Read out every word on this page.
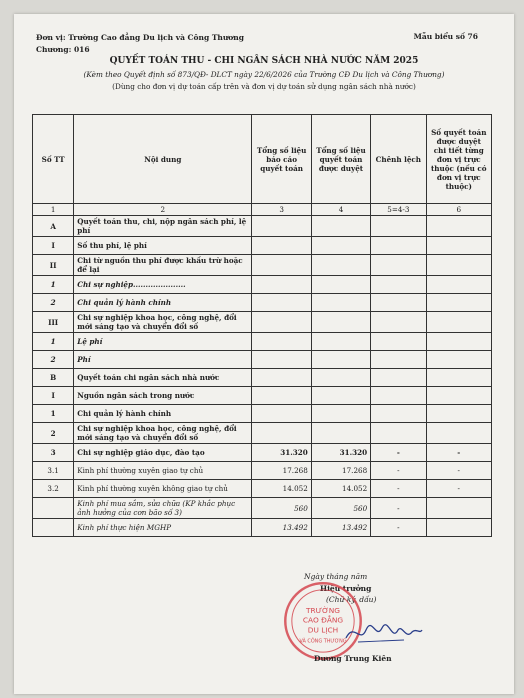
Đơn vị: Trường Cao đẳng Du lịch và Công Thương
Chương: 016
Mẫu biểu số 76
QUYẾT TOÁN THU - CHI NGÂN SÁCH NHÀ NƯỚC NĂM 2025
(Kèm theo Quyết định số 873/QĐ- DLCT ngày 22/6/2026 của Trường CĐ Du lịch và Công Thương)
(Dùng cho đơn vị dự toán cấp trên và đơn vị dự toán sử dụng ngân sách nhà nước)
Số TT	Nội dung	Tổng số liệu báo cáo quyết toán	Tổng số liệu quyết toán được duyệt	Chênh lệch	Số quyết toán được duyệt chi tiết từng đơn vị trực thuộc (nếu có đơn vị trực thuộc)
1	2	3	4	5=4-3	6
A	Quyết toán thu, chi, nộp ngân sách phí, lệ phí				
I	Số thu phí, lệ phí				
II	Chi từ nguồn thu phí được khấu trừ hoặc để lại				
1	Chi sự nghiệp.....................				
2	Chi quản lý hành chính				
III	Chi sự nghiệp khoa học, công nghệ, đổi mới sáng tạo và chuyển đổi số				
1	Lệ phí				
2	Phí				
B	Quyết toán chi ngân sách nhà nước				
I	Nguồn ngân sách trong nước				
1	Chi quản lý hành chính				
2	Chi sự nghiệp khoa học, công nghệ, đổi mới sáng tạo và chuyển đổi số				
3	Chi sự nghiệp giáo dục, đào tạo	31.320	31.320	-	-
3.1	Kinh phí thường xuyên giao tự chủ	17.268	17.268	-	-
3.2	Kinh phí thường xuyên không giao tự chủ	14.052	14.052	-	-
	Kinh phí mua sắm, sửa chữa (KP khắc phục ảnh hưởng của cơn bão số 3)	560	560	-	
	Kinh phí thực hiện MGHP	13.492	13.492	-	
Ngày tháng năm
Hiệu trưởng
(Chữ ký, dấu)
TRƯỜNG
CAO ĐẲNG
DU LỊCH
VÀ CÔNG THƯƠNG
Dương Trung Kiên
